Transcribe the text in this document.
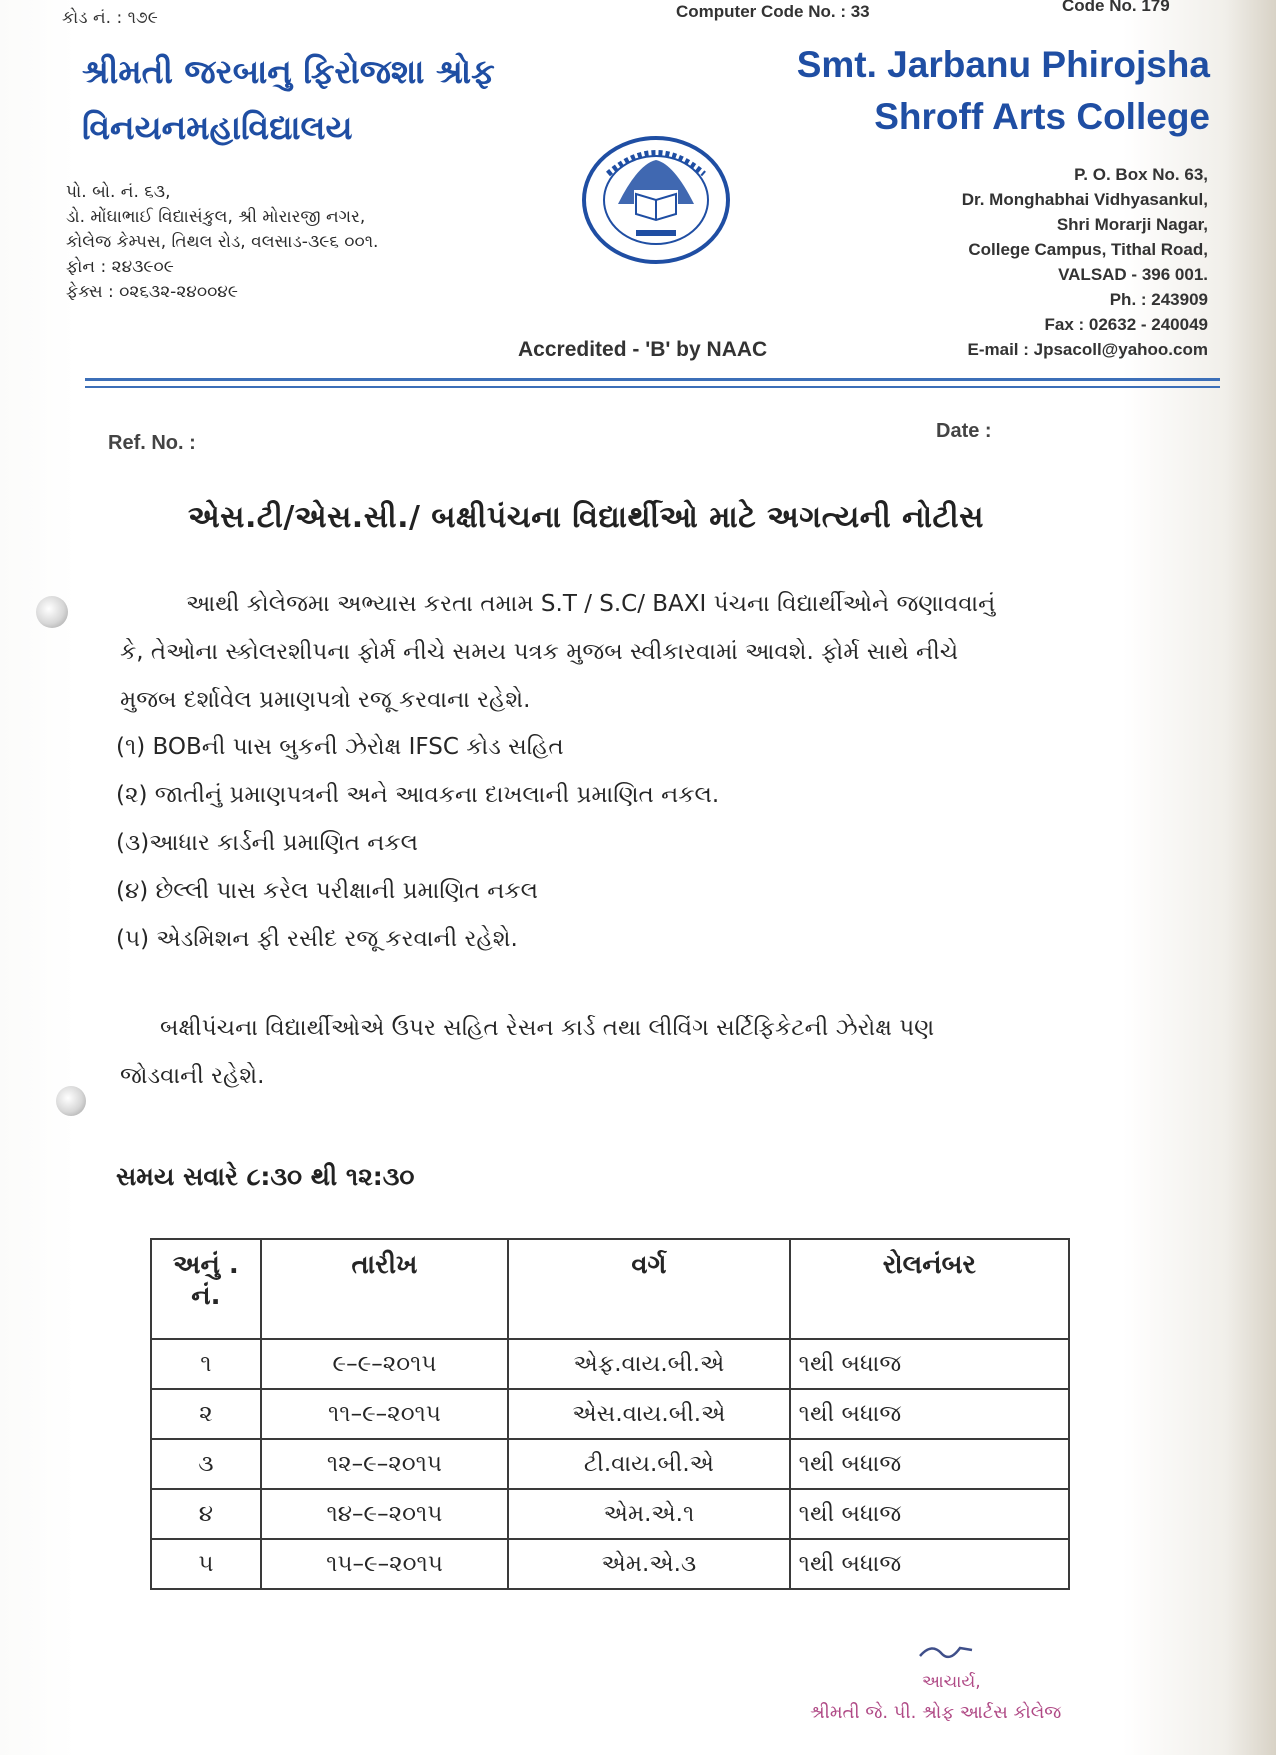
કોડ નં. : ૧૭૯	Computer Code No. : 33	Code No. 179
શ્રીમતી જરબાનુ ફિરોજશા શ્રોફ
વિનયનમહાવિદ્યાલય
Smt. Jarbanu Phirojsha
Shroff Arts College
પો. બો. નં. ૬૩,
ડો. મોંઘાભાઈ વિદ્યાસંકુલ, શ્રી મોરારજી નગર,
કોલેજ કેમ્પસ, તિથલ રોડ, વલસાડ-૩૯૬ ૦૦૧.
ફોન : ૨૪૩૯૦૯
ફેક્સ : ૦૨૬૩૨-૨૪૦૦૪૯
P. O. Box No. 63,
Dr. Monghabhai Vidhyasankul,
Shri Morarji Nagar,
College Campus, Tithal Road,
VALSAD - 396 001.
Ph. : 243909
Fax : 02632 - 240049
E-mail : Jpsacoll@yahoo.com
Accredited - 'B' by NAAC
Ref. No. :
Date :
એસ.ટી/એસ.સી./ બક્ષીપંચના વિદ્યાર્થીઓ માટે અગત્યની નોટીસ
આથી કોલેજમા અભ્યાસ કરતા તમામ S.T / S.C/ BAXI પંચના વિદ્યાર્થીઓને જણાવવાનું
કે, તેઓના સ્કોલરશીપના ફોર્મ નીચે સમય પત્રક મુજબ સ્વીકારવામાં આવશે. ફોર્મ સાથે નીચે
મુજબ દર્શાવેલ પ્રમાણપત્રો રજૂ કરવાના રહેશે.
(૧) BOBની પાસ બુકની ઝેરોક્ષ IFSC કોડ સહિત
(૨) જાતીનું પ્રમાણપત્રની અને આવકના દાખલાની પ્રમાણિત નકલ.
(૩)આધાર કાર્ડની પ્રમાણિત નકલ
(૪) છેલ્લી પાસ કરેલ પરીક્ષાની પ્રમાણિત નકલ
(૫) એડમિશન ફી રસીદ રજૂ કરવાની રહેશે.
બક્ષીપંચના વિદ્યાર્થીઓએ ઉપર સહિત રેસન કાર્ડ તથા લીવિંગ સર્ટિફિકેટની ઝેરોક્ષ પણ
જોડવાની રહેશે.
સમય સવારે ૮:૩૦ થી ૧૨:૩૦
અનું . નં.	તારીખ	વર્ગ	રોલનંબર
૧	૯–૯–૨૦૧૫	એફ.વાય.બી.એ	૧થી બધાજ
૨	૧૧–૯–૨૦૧૫	એસ.વાય.બી.એ	૧થી બધાજ
૩	૧૨–૯–૨૦૧૫	ટી.વાય.બી.એ	૧થી બધાજ
૪	૧૪–૯–૨૦૧૫	એમ.એ.૧	૧થી બધાજ
૫	૧૫–૯–૨૦૧૫	એમ.એ.૩	૧થી બધાજ
આચાર્ય,
શ્રીમતી જે. પી. શ્રોફ આર્ટસ કોલેજ
